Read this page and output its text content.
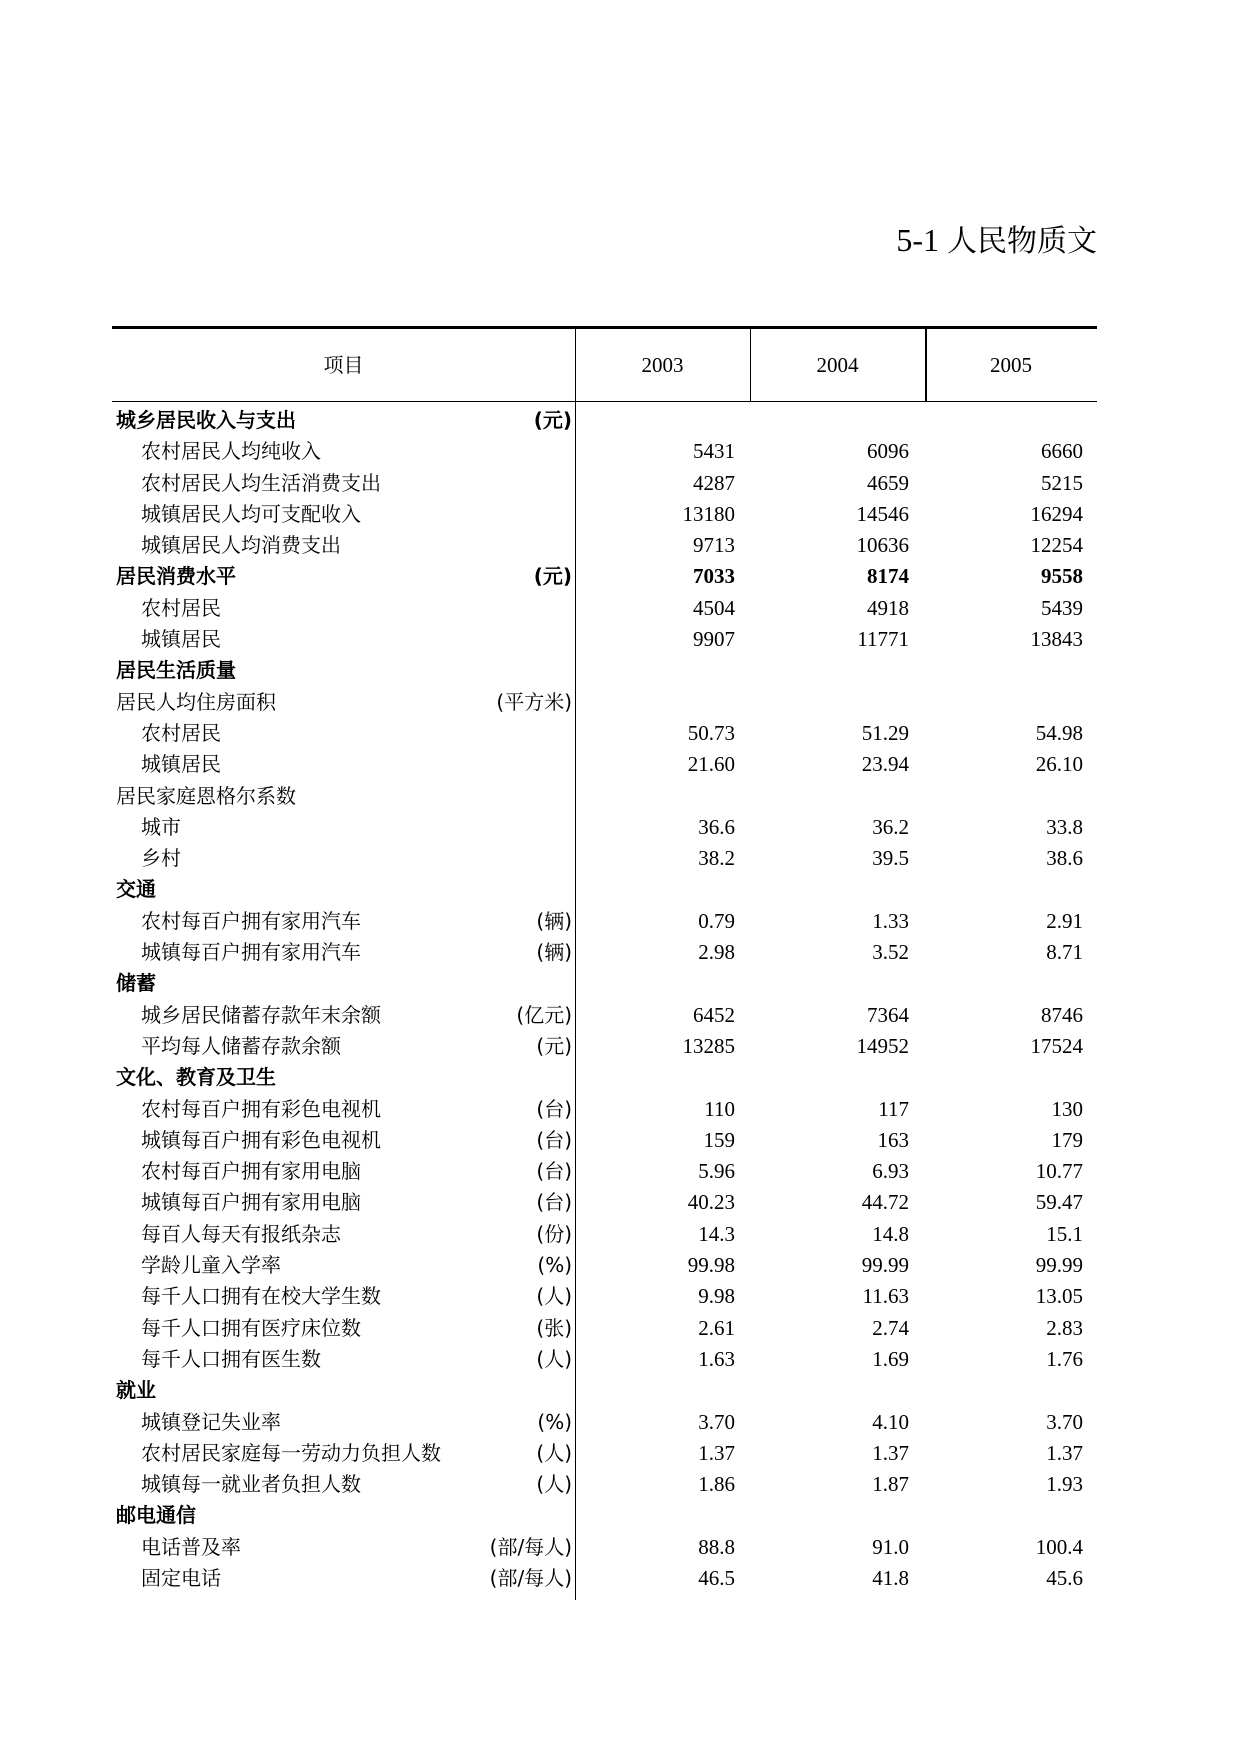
5-1 人民物质文
项目	2003	2004	2005
城乡居民收入与支出	(元)
农村居民人均纯收入	5431	6096	6660
农村居民人均生活消费支出	4287	4659	5215
城镇居民人均可支配收入	13180	14546	16294
城镇居民人均消费支出	9713	10636	12254
居民消费水平	(元)	7033	8174	9558
农村居民	4504	4918	5439
城镇居民	9907	11771	13843
居民生活质量
居民人均住房面积	(平方米)
农村居民	50.73	51.29	54.98
城镇居民	21.60	23.94	26.10
居民家庭恩格尔系数
城市	36.6	36.2	33.8
乡村	38.2	39.5	38.6
交通
农村每百户拥有家用汽车	(辆)	0.79	1.33	2.91
城镇每百户拥有家用汽车	(辆)	2.98	3.52	8.71
储蓄
城乡居民储蓄存款年末余额	(亿元)	6452	7364	8746
平均每人储蓄存款余额	(元)	13285	14952	17524
文化、教育及卫生
农村每百户拥有彩色电视机	(台)	110	117	130
城镇每百户拥有彩色电视机	(台)	159	163	179
农村每百户拥有家用电脑	(台)	5.96	6.93	10.77
城镇每百户拥有家用电脑	(台)	40.23	44.72	59.47
每百人每天有报纸杂志	(份)	14.3	14.8	15.1
学龄儿童入学率	(%)	99.98	99.99	99.99
每千人口拥有在校大学生数	(人)	9.98	11.63	13.05
每千人口拥有医疗床位数	(张)	2.61	2.74	2.83
每千人口拥有医生数	(人)	1.63	1.69	1.76
就业
城镇登记失业率	(%)	3.70	4.10	3.70
农村居民家庭每一劳动力负担人数	(人)	1.37	1.37	1.37
城镇每一就业者负担人数	(人)	1.86	1.87	1.93
邮电通信
电话普及率	(部/每人)	88.8	91.0	100.4
固定电话	(部/每人)	46.5	41.8	45.6
